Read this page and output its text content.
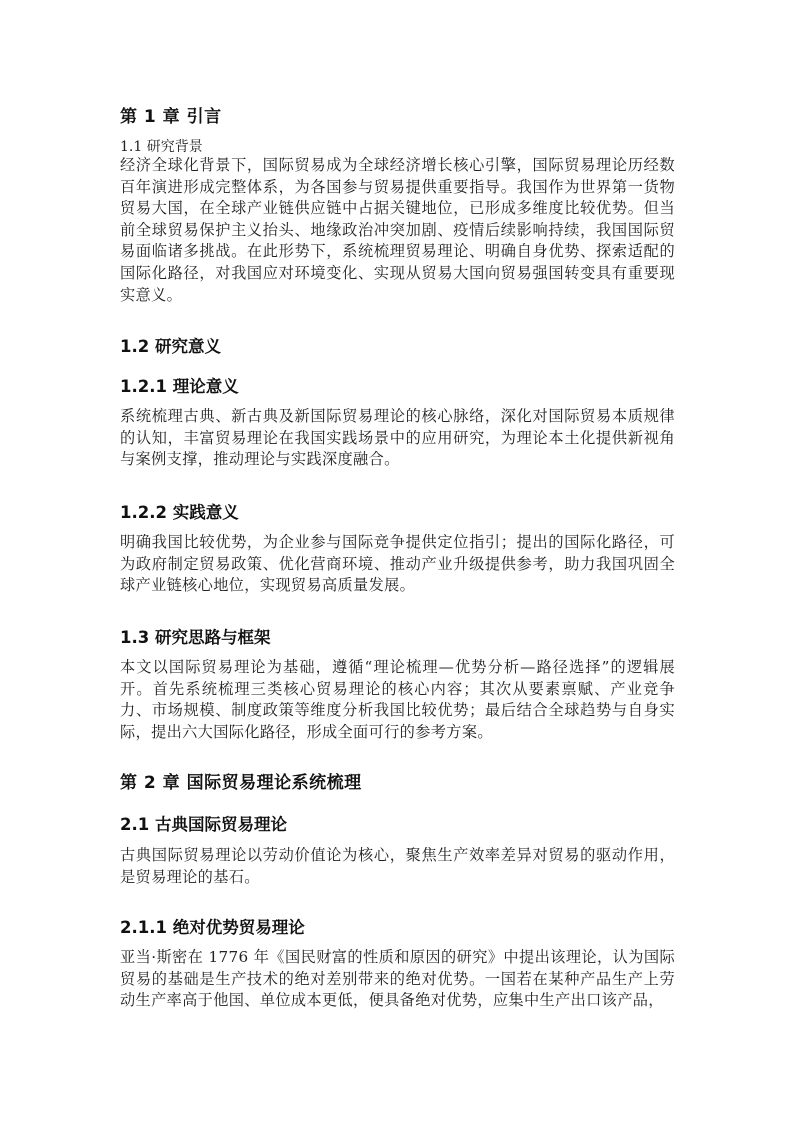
第 1 章 引言
1.1 研究背景
经济全球化背景下，国际贸易成为全球经济增长核心引擎，国际贸易理论历经数百年演进形成完整体系，为各国参与贸易提供重要指导。我国作为世界第一货物贸易大国，在全球产业链供应链中占据关键地位，已形成多维度比较优势。但当前全球贸易保护主义抬头、地缘政治冲突加剧、疫情后续影响持续，我国国际贸易面临诸多挑战。在此形势下，系统梳理贸易理论、明确自身优势、探索适配的国际化路径，对我国应对环境变化、实现从贸易大国向贸易强国转变具有重要现实意义。
1.2 研究意义
1.2.1 理论意义
系统梳理古典、新古典及新国际贸易理论的核心脉络，深化对国际贸易本质规律的认知，丰富贸易理论在我国实践场景中的应用研究，为理论本土化提供新视角与案例支撑，推动理论与实践深度融合。
1.2.2 实践意义
明确我国比较优势，为企业参与国际竞争提供定位指引；提出的国际化路径，可为政府制定贸易政策、优化营商环境、推动产业升级提供参考，助力我国巩固全球产业链核心地位，实现贸易高质量发展。
1.3 研究思路与框架
本文以国际贸易理论为基础，遵循“理论梳理—优势分析—路径选择”的逻辑展开。首先系统梳理三类核心贸易理论的核心内容；其次从要素禀赋、产业竞争力、市场规模、制度政策等维度分析我国比较优势；最后结合全球趋势与自身实际，提出六大国际化路径，形成全面可行的参考方案。
第 2 章 国际贸易理论系统梳理
2.1 古典国际贸易理论
古典国际贸易理论以劳动价值论为核心，聚焦生产效率差异对贸易的驱动作用，是贸易理论的基石。
2.1.1 绝对优势贸易理论
亚当·斯密在 1776 年《国民财富的性质和原因的研究》中提出该理论，认为国际贸易的基础是生产技术的绝对差别带来的绝对优势。一国若在某种产品生产上劳动生产率高于他国、单位成本更低，便具备绝对优势，应集中生产出口该产品，
